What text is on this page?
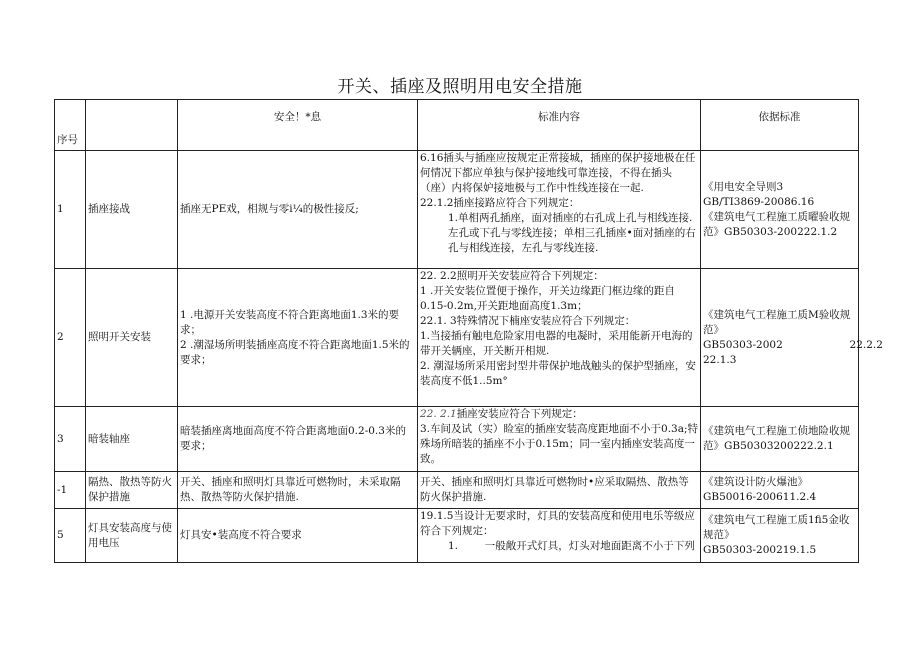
开关、插座及照明用电安全措施
序号		安全！*息	标准内容	依据标准
1	插座接战	插座无PE戏，相规与零i¼的极性接反;	6.16插头与插座应按规定正常接城，插座的保护接地极在任何情况下都应单独与保护接地线可靠连接，不得在插头（座）内将保妒接地极与工作中性线连接在一起.
22.1.2插座接路应符合下列规定：
1.单相两孔插座，面对插座的右孔成上孔与相线连接.左孔或下孔与零线连接；单相三孔插座•面对插座的右孔与相线连接，左孔与零线连接.	《用电安全导则3
GB/TI3869-20086.16
《建筑电气工程施工质曜验收规范》GB50303-200222.1.2

2	照明开关安装	1 .电源开关安装高度不符合距离地面1.3米的要求；
2 .潮湿场所明装插座高度不符合距离地面1.5米的要求；	22. 2.2照明开关安装应符合下列规定：
1 .开关安装位置便于操作，开关边缘距门框边缘的距自0.15-0.2m,开关距地面高度1.3m；
22.1. 3特殊情况下楠座安装应符合下列规定：
1.当接插有触电危险家用电器的电凝时，采用能新开电海的带开关辆座，开关断开相规.
2. 潮湿场所采用密封型井带保护地战触头的保护型插座，安装高度不低1..5m°	《建筑电气工程施工质M验收规范》
GB50303-2002                    22.2.2
22.1.3

3	暗装轴座	暗装插座离地面高度不符合距离地面0.2-0.3米的要求；	22. 2.1插座安装应符合下列规定：
3.车间及试（实）睑室的插座安装高度距地面不小于0.3a;特殊场所暗装的插座不小于0.15m；同一室内插座安装高度一致。	《建筑电气工程施工侦地险收规范》GB50303200222.2.1

-1	隔热、散热等防火保护措施	开关、插座和照明灯具靠近可燃物时，未采取隔热、散热等防火保护措施.	开关、插座和照明灯具靠近可燃物时•应采取隔热、散热等防火保护措施.	《建筑设计防火爆池》
GB50016-200611.2.4

5	灯具安装高度与使用电压	灯具安•装高度不符合要求	19.1.5当设计无要求时，灯具的安装高度和使用电乐等级应符合下列规定：
1.        一般敞开式灯具，灯头对地面距离不小于下列	《建筑电气工程施工质1fi5金收规范》
GB50303-200219.1.5
